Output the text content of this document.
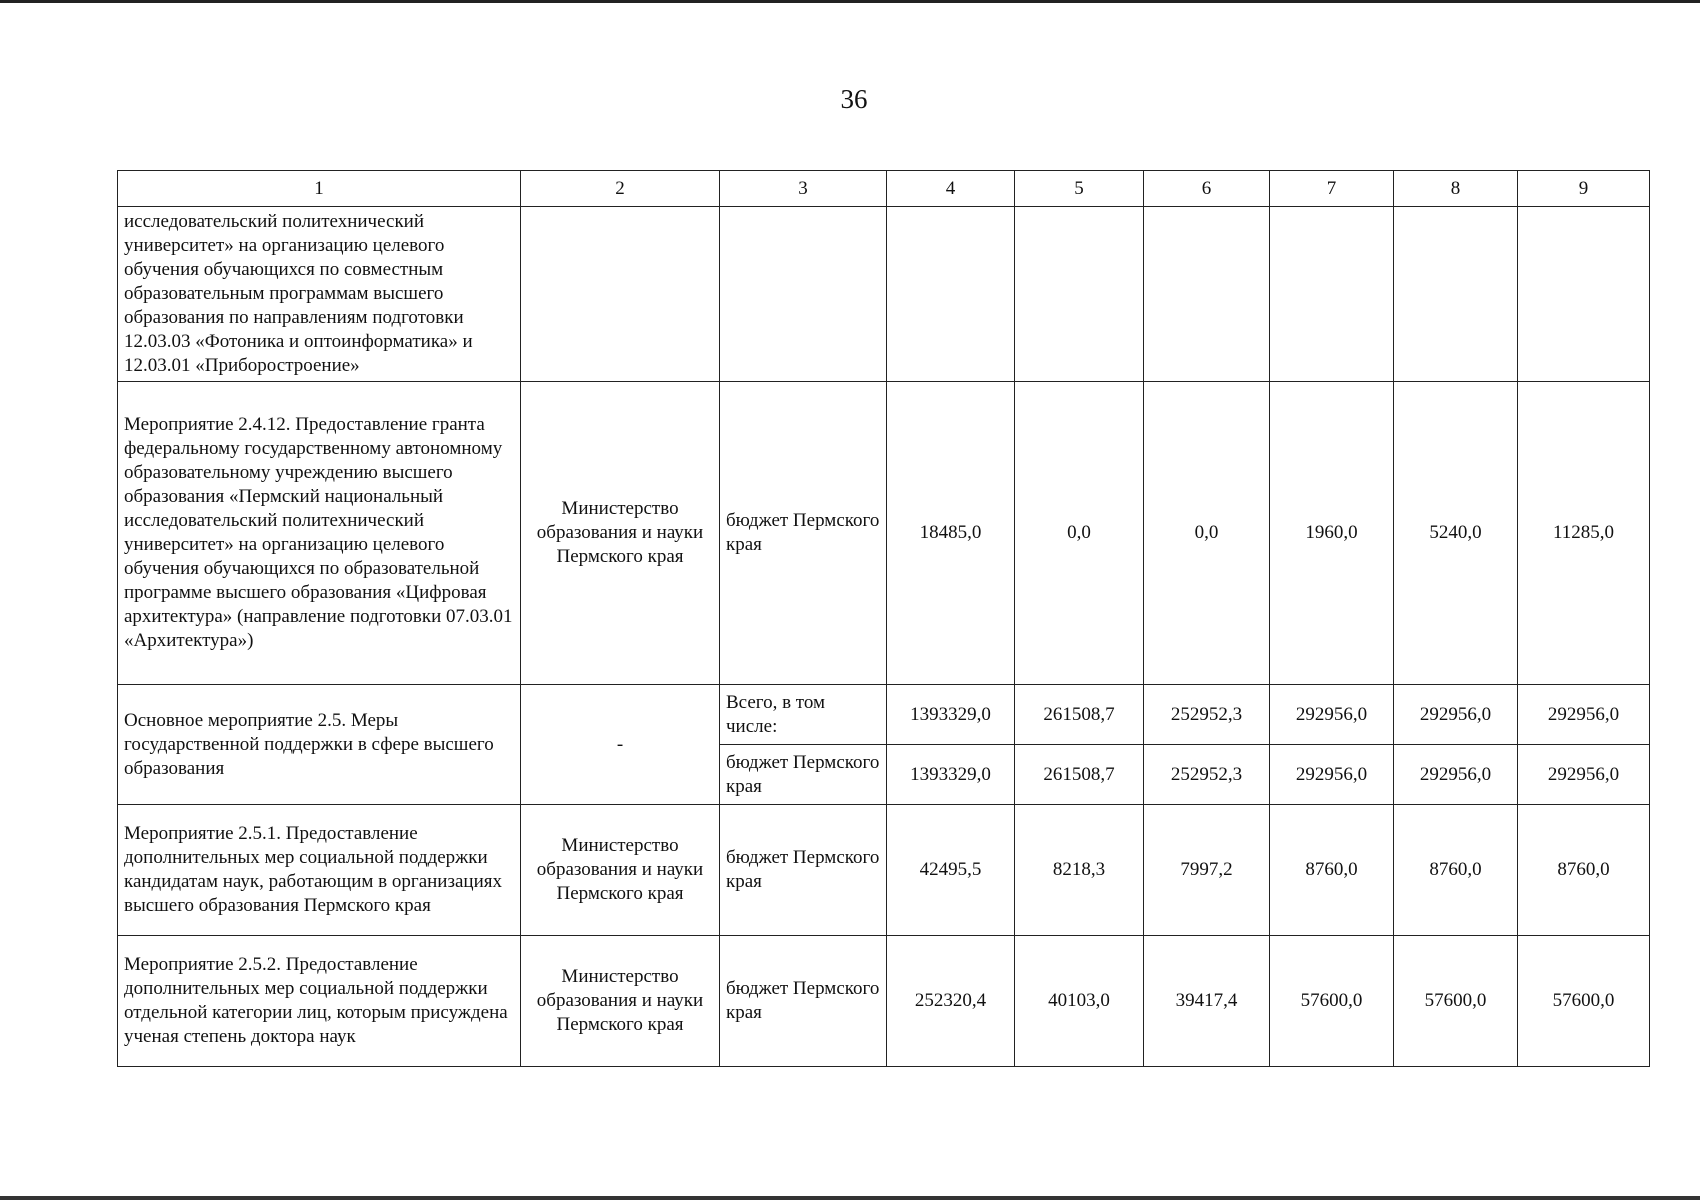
36
1	2	3	4	5	6	7	8	9
исследовательский политехнический университет» на организацию целевого обучения обучающихся по совместным образовательным программам высшего образования по направлениям подготовки 12.03.03 «Фотоника и оптоинформатика» и 12.03.01 «Приборостроение»								
Мероприятие 2.4.12. Предоставление гранта федеральному государственному автономному образовательному учреждению высшего образования «Пермский национальный исследовательский политехнический университет» на организацию целевого обучения обучающихся по образовательной программе высшего образования «Цифровая архитектура» (направление подготовки 07.03.01 «Архитектура»)	Министерство образования и науки Пермского края	бюджет Пермского края	18485,0	0,0	0,0	1960,0	5240,0	11285,0
Основное мероприятие 2.5. Меры государственной поддержки в сфере высшего образования	-	Всего, в том числе:	1393329,0	261508,7	252952,3	292956,0	292956,0	292956,0
		бюджет Пермского края	1393329,0	261508,7	252952,3	292956,0	292956,0	292956,0
Мероприятие 2.5.1. Предоставление дополнительных мер социальной поддержки кандидатам наук, работающим в организациях высшего образования Пермского края	Министерство образования и науки Пермского края	бюджет Пермского края	42495,5	8218,3	7997,2	8760,0	8760,0	8760,0
Мероприятие 2.5.2. Предоставление дополнительных мер социальной поддержки отдельной категории лиц, которым присуждена ученая степень доктора наук	Министерство образования и науки Пермского края	бюджет Пермского края	252320,4	40103,0	39417,4	57600,0	57600,0	57600,0
